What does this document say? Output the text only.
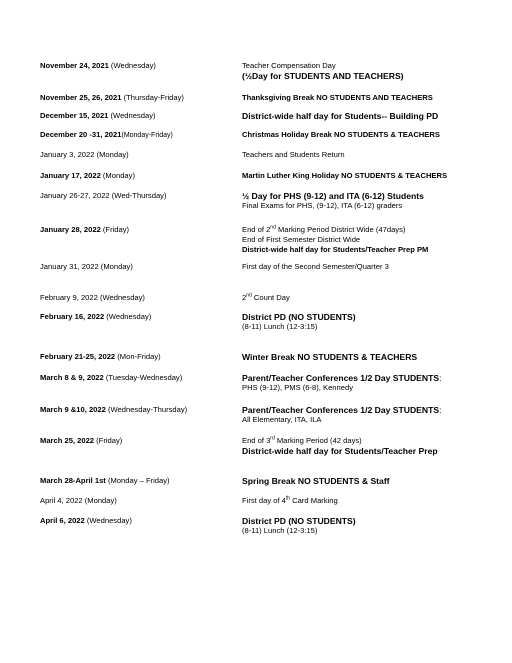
November 24, 2021 (Wednesday)	Teacher Compensation Day
(½Day for STUDENTS AND TEACHERS)
November 25, 26, 2021 (Thursday-Friday)	Thanksgiving Break NO STUDENTS AND TEACHERS
December 15, 2021 (Wednesday)	District-wide half day for Students-- Building PD
December 20 -31, 2021(Monday-Friday)	Christmas Holiday Break NO STUDENTS & TEACHERS
January 3, 2022 (Monday)	Teachers and Students Return
January 17, 2022 (Monday)	Martin Luther King Holiday NO STUDENTS & TEACHERS
January 26-27, 2022 (Wed-Thursday)	½ Day for PHS (9-12) and ITA (6-12) Students
Final Exams for PHS, (9-12), ITA (6-12) graders
January 28, 2022 (Friday)	End of 2nd Marking Period District Wide (47days)
End of First Semester District Wide
District-wide half day for Students/Teacher Prep PM
January 31, 2022 (Monday)	First day of the Second Semester/Quarter 3
February 9, 2022 (Wednesday)	2nd Count Day
February 16, 2022 (Wednesday)	District PD (NO STUDENTS)
(8-11) Lunch (12-3:15)
February 21-25, 2022 (Mon-Friday)	Winter Break NO STUDENTS & TEACHERS
March 8 & 9, 2022 (Tuesday-Wednesday)	Parent/Teacher Conferences 1/2 Day STUDENTS:
PHS (9-12), PMS (6-8), Kennedy
March 9 &10, 2022 (Wednesday-Thursday)	Parent/Teacher Conferences 1/2 Day STUDENTS:
All Elementary, ITA, ILA
March 25, 2022 (Friday)	End of 3rd Marking Period (42 days)
District-wide half day for Students/Teacher Prep
March 28-April 1st (Monday – Friday)	Spring Break NO STUDENTS & Staff
April 4, 2022 (Monday)	First day of 4th Card Marking
April 6, 2022 (Wednesday)	District PD (NO STUDENTS)
(8-11) Lunch (12-3:15)
